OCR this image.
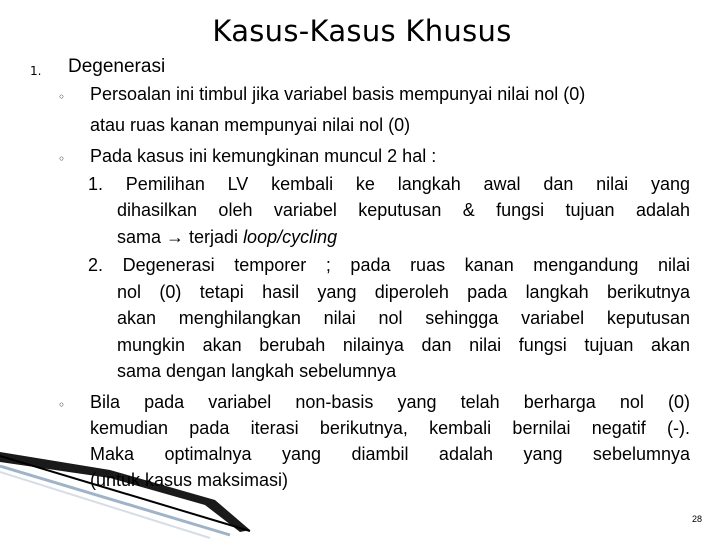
Kasus-Kasus Khusus
1. Degenerasi
◦ Persoalan ini timbul jika variabel basis mempunyai nilai nol (0)
atau ruas kanan mempunyai nilai nol (0)
◦ Pada kasus ini kemungkinan muncul 2 hal :
1. Pemilihan LV kembali ke langkah awal dan nilai yang
dihasilkan oleh variabel keputusan & fungsi tujuan adalah
sama → terjadi loop/cycling
2. Degenerasi temporer ; pada ruas kanan mengandung nilai
nol (0) tetapi hasil yang diperoleh pada langkah berikutnya
akan menghilangkan nilai nol sehingga variabel keputusan
mungkin akan berubah nilainya dan nilai fungsi tujuan akan
sama dengan langkah sebelumnya
◦ Bila pada variabel non-basis yang telah berharga nol (0)
kemudian pada iterasi berikutnya, kembali bernilai negatif (-).
Maka optimalnya yang diambil adalah yang sebelumnya
(untuk kasus maksimasi)
28
